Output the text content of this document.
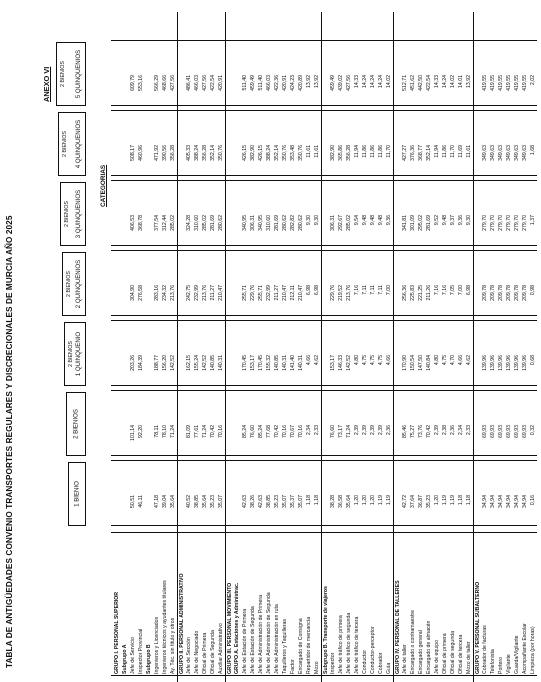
TABLA DE ANTIGÜEDADES CONVENIO TRANSPORTES REGULARES Y DISCRECIONALES DE MURCIA AÑO 2025
ANEXO VI
CATEGORIAS
1 BIENIO
2 BIENIOS
2 BIENIOS 1 QUINQUENIO
2 BIENIOS 2 QUINQUENIOS
2 BIENIOS 3 QUINQUENIOS
2 BIENIOS 4 QUINQUENIOS
2 BIENIOS 5 QUINQUENIOS
GRUPO I. PERSONAL SUPERIOR Subgrupo A Jefe de Servicio
50,51
101,14
203,26
304,90
406,53
508,17
609,79
Inspector Provincial
46,11
92,20
184,39
276,58
368,78
460,96
553,16
Subgrupo B Ingenieros y Licenciados
47,18
78,11
188,77
283,16
377,54
471,92
566,29
Ingenieros técnicos y ayudantes titulares
39,04
78,10
156,20
234,32
312,44
390,56
468,66
Ay. Téc. sin título y otros
35,64
71,24
142,52
213,76
285,02
356,28
427,56
GRUPO II. PERSONAL ADMINISTRATIVO Jefe de Sección
40,52
81,09
162,15
242,75
324,28
405,33
486,41
Jefe de Negociado
38,85
77,61
155,24
232,99
310,60
388,24
466,03
Oficial de Primera
35,64
71,24
142,52
213,76
285,02
356,28
427,56
Oficial de Segunda
35,23
70,42
140,85
211,27
281,69
352,14
422,54
Auxiliar Administrativo
35,07
70,16
140,31
210,47
280,62
350,76
420,91
GRUPO III. PERSONAL MOVIMIENTO GRUPO A. Estaciones y Administrac. Jefe de Estación de Primera
42,63
85,24
170,45
255,71
340,95
426,15
511,40
Jefe de Estación de Segunda
38,26
76,60
153,17
229,76
306,31
382,90
459,49
Jefe de Administración de Primera
42,63
85,24
170,45
255,71
340,95
426,15
511,40
Jefe de Administración de Segunda
38,85
77,68
155,32
232,99
310,60
388,24
466,03
Jefe de Administración en ruta
35,23
70,42
140,85
211,27
281,69
352,14
422,36
Taquilleros y Taquilleras
35,07
70,16
140,31
210,47
280,62
350,76
420,91
Factor
35,37
70,67
141,40
212,11
282,82
353,48
424,23
Encargado de Consigna
35,07
70,16
140,31
210,47
280,62
350,76
420,89
Repartidor de mercancía
1,18
2,34
4,66
6,98
9,30
11,61
13,92
Mozo
1,18
2,33
4,62
6,98
9,30
11,61
13,92
Subgrupo B. Transporte de viajeros Inspector
38,28
76,60
153,17
229,76
306,31
382,90
459,49
Jefe de tráfico de primera
36,58
73,17
146,33
219,52
292,67
365,86
439,02
Jefe de tráfico de segunda
35,64
71,24
142,52
213,76
285,02
356,28
427,56
Jefe de tráfico de tercera
1,20
2,39
4,80
7,16
9,54
11,94
14,33
Conductor
1,20
2,39
4,75
7,11
9,48
11,86
14,24
Conductor-perceptor
1,20
2,39
4,75
7,11
9,48
11,86
14,24
Cobrador
1,19
2,39
4,75
7,11
9,48
11,86
14,24
Guía
1,19
2,36
4,66
7,00
9,36
11,70
14,02
GRUPO IV. PERSONAL DE TALLERES Jefe de taller
42,72
85,46
170,90
256,36
341,81
427,27
512,71
Encargado o contramaestre
37,64
75,27
150,54
225,83
301,09
376,36
451,62
Encargado general
36,87
73,76
147,50
221,25
295,02
368,77
442,50
Encargado de almacén
35,23
70,42
140,84
211,26
281,69
352,14
422,54
Jefe de equipo
1,20
2,39
4,80
7,16
9,52
11,94
14,33
Oficial de primera
1,19
2,38
4,75
7,16
9,48
11,86
14,24
Oficial de segunda
1,19
2,36
4,70
7,05
9,37
11,70
14,02
Oficial de tercera
1,18
2,34
4,66
7,00
9,36
11,69
14,01
Mozo de taller
1,18
2,33
4,62
6,98
9,30
11,61
13,92
GRUPO V. PERSONAL SUBALTERNO Cobrador de facturas
34,94
69,93
139,96
209,78
279,70
349,63
419,55
Telefonista
34,94
69,93
139,96
209,78
279,70
349,63
419,55
Portero
34,94
69,93
139,96
209,78
279,70
349,63
419,55
Vigilante
34,94
69,93
139,96
209,78
279,70
349,63
419,55
Guarda/Vigilante
34,94
69,93
139,96
209,78
279,70
349,63
419,55
Acompañante Escolar
34,94
69,93
139,96
209,78
279,70
349,63
419,55
Limpieza (por horas)
0,16
0,32
0,68
0,98
1,37
1,68
2,02
